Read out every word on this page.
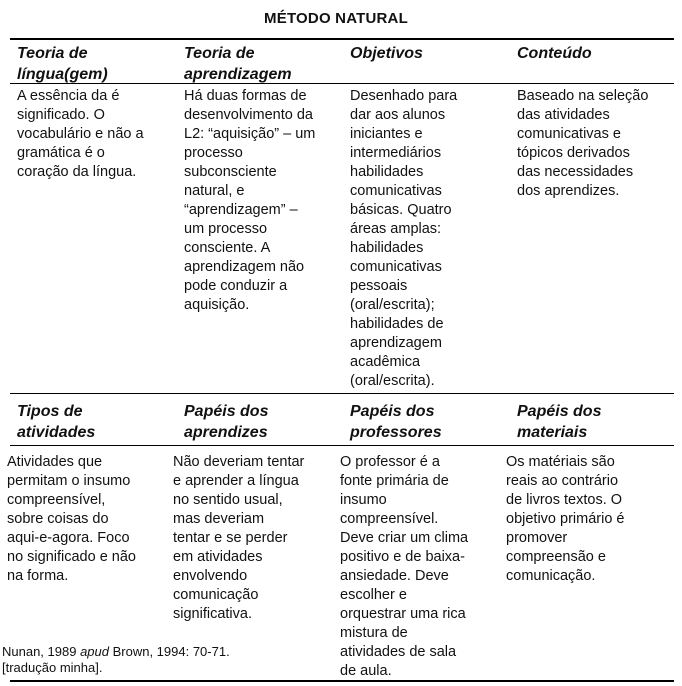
MÉTODO NATURAL
Teoria de
língua(gem)
Teoria de
aprendizagem
Objetivos	Conteúdo
A essência da é
significado. O
vocabulário e não a
gramática é o
coração da língua.
Há duas formas de
desenvolvimento da
L2: “aquisição” – um
processo
subconsciente
natural, e
“aprendizagem” –
um processo
consciente. A
aprendizagem não
pode conduzir a
aquisição.
Desenhado para
dar aos alunos
iniciantes e
intermediários
habilidades
comunicativas
básicas. Quatro
áreas amplas:
habilidades
comunicativas
pessoais
(oral/escrita);
habilidades de
aprendizagem
acadêmica
(oral/escrita).
Baseado na seleção
das atividades
comunicativas e
tópicos derivados
das necessidades
dos aprendizes.
Tipos de
atividades
Papéis dos
aprendizes
Papéis dos
professores
Papéis dos
materiais
Atividades que
permitam o insumo
compreensível,
sobre coisas do
aqui-e-agora. Foco
no significado e não
na forma.
Não deveriam tentar
e aprender a língua
no sentido usual,
mas deveriam
tentar e se perder
em atividades
envolvendo
comunicação
significativa.
O professor é a
fonte primária de
insumo
compreensível.
Deve criar um clima
positivo e de baixa-
ansiedade. Deve
escolher e
orquestrar uma rica
mistura de
atividades de sala
de aula.
Os matériais são
reais ao contrário
de livros textos. O
objetivo primário é
promover
compreensão e
comunicação.
Nunan, 1989 apud Brown, 1994: 70-71.
[tradução minha].
